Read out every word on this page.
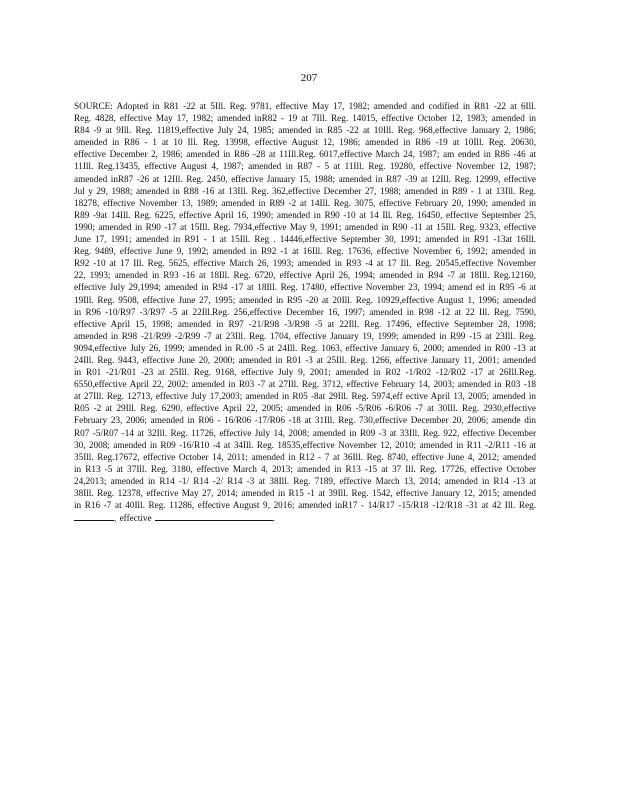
207
SOURCE: Adopted in R81 -22 at 5Ill. Reg. 9781, effective May 17, 1982; amended and codified in R81 -22 at 6Ill. Reg. 4828, effective May 17, 1982; amended inR82 - 19 at 7Ill. Reg. 14015, effective October 12, 1983; amended in R84 -9 at 9Ill. Reg. 11819,effective July 24, 1985; amended in R85 -22 at 10Ill. Reg. 968,effective January 2, 1986; amended in R86 - 1 at 10 Ill. Reg. 13998, effective August 12, 1986; amended in R86 -19 at 10Ill. Reg. 20630, effective December 2, 1986; amended in R86 -28 at 11Ill.Reg. 6017,effective March 24, 1987; am ended in R86 -46 at 11Ill. Reg.13435, effective August 4, 1987; amended in R87 - 5 at 11Ill. Reg. 19280, effective November 12, 1987; amended inR87 -26 at 12Ill. Reg. 2450, effective January 15, 1988; amended in R87 -39 at 12Ill. Reg. 12999, effective Jul y 29, 1988; amended in R88 -16 at 13Ill. Reg. 362,effective December 27, 1988; amended in R89 - 1 at 13Ill. Reg. 18278, effective November 13, 1989; amended in R89 -2 at 14Ill. Reg. 3075, effective February 20, 1990; amended in R89 -9at 14Ill. Reg. 6225, effective April 16, 1990; amended in R90 -10 at 14 Ill. Reg. 16450, effective September 25, 1990; amended in R90 -17 at 15Ill. Reg. 7934,effective May 9, 1991; amended in R90 -11 at 15Ill. Reg. 9323, effective June 17, 1991; amended in R91 - 1 at 15Ill. Reg . 14446,effective September 30, 1991; amended in R91 -13at 16Ill. Reg. 9489, effective June 9, 1992; amended in R92 -1 at 16Ill. Reg. 17636, effective November 6, 1992; amended in R92 -10 at 17 Ill. Reg. 5625, effective March 26, 1993; amended in R93 -4 at 17 Ill. Reg. 20545,effective November 22, 1993; amended in R93 -16 at 18Ill. Reg. 6720, effective April 26, 1994; amended in R94 -7 at 18Ill. Reg.12160, effective July 29,1994; amended in R94 -17 at 18Ill. Reg. 17480, effective November 23, 1994; amend ed in R95 -6 at 19Ill. Reg. 9508, effective June 27, 1995; amended in R95 -20 at 20Ill. Reg. 10929,effective August 1, 1996; amended in R96 -10/R97 -3/R97 -5 at 22Ill.Reg. 256,effective December 16, 1997; amended in R98 -12 at 22 Ill. Reg. 7590, effective April 15, 1998; amended in R97 -21/R98 -3/R98 -5 at 22Ill. Reg. 17496, effective September 28, 1998; amended in R98 -21/R99 -2/R99 -7 at 23Ill. Reg. 1704, effective January 19, 1999; amended in R99 -15 at 23Ill. Reg. 9094,effective July 26, 1999; amended in R.00 -5 at 24Ill. Reg. 1063, effective January 6, 2000; amended in R00 -13 at 24Ill. Reg. 9443, effective June 20, 2000; amended in R01 -3 at 25Ill. Reg. 1266, effective January 11, 2001; amended in R01 -21/R01 -23 at 25Ill. Reg. 9168, effective July 9, 2001; amended in R02 -1/R02 -12/R02 -17 at 26Ill.Reg. 6550,effective April 22, 2002; amended in R03 -7 at 27Ill. Reg. 3712, effective February 14, 2003; amended in R03 -18 at 27Ill. Reg. 12713, effective July 17,2003; amended in R05 -8at 29Ill. Reg. 5974,eff ective April 13, 2005; amended in R05 -2 at 29Ill. Reg. 6290, effective April 22, 2005; amended in R06 -5/R06 -6/R06 -7 at 30Ill. Reg. 2930,effective February 23, 2006; amended in R06 - 16/R06 -17/R06 -18 at 31Ill. Reg. 730,effective December 20, 2006; amende din R07 -5/R07 -14 at 32Ill. Reg. 11726, effective July 14, 2008; amended in R09 -3 at 33Ill. Reg. 922, effective December 30, 2008; amended in R09 -16/R10 -4 at 34Ill. Reg. 18535,effective November 12, 2010; amended in R11 -2/R11 -16 at 35Ill. Reg.17672, effective October 14, 2011; amended in R12 - 7 at 36Ill. Reg. 8740, effective June 4, 2012; amended in R13 -5 at 37Ill. Reg. 3180, effective March 4, 2013; amended in R13 -15 at 37 Ill. Reg. 17726, effective October 24,2013; amended in R14 -1/ R14 -2/ R14 -3 at 38Ill. Reg. 7189, effective March 13, 2014; amended in R14 -13 at 38Ill. Reg. 12378, effective May 27, 2014; amended in R15 -1 at 39Ill. Reg. 1542, effective January 12, 2015; amended in R16 -7 at 40Ill. Reg. 11286, effective August 9, 2016; amended inR17 - 14/R17 -15/R18 -12/R18 -31 at 42 Ill. Reg. , effective	.
